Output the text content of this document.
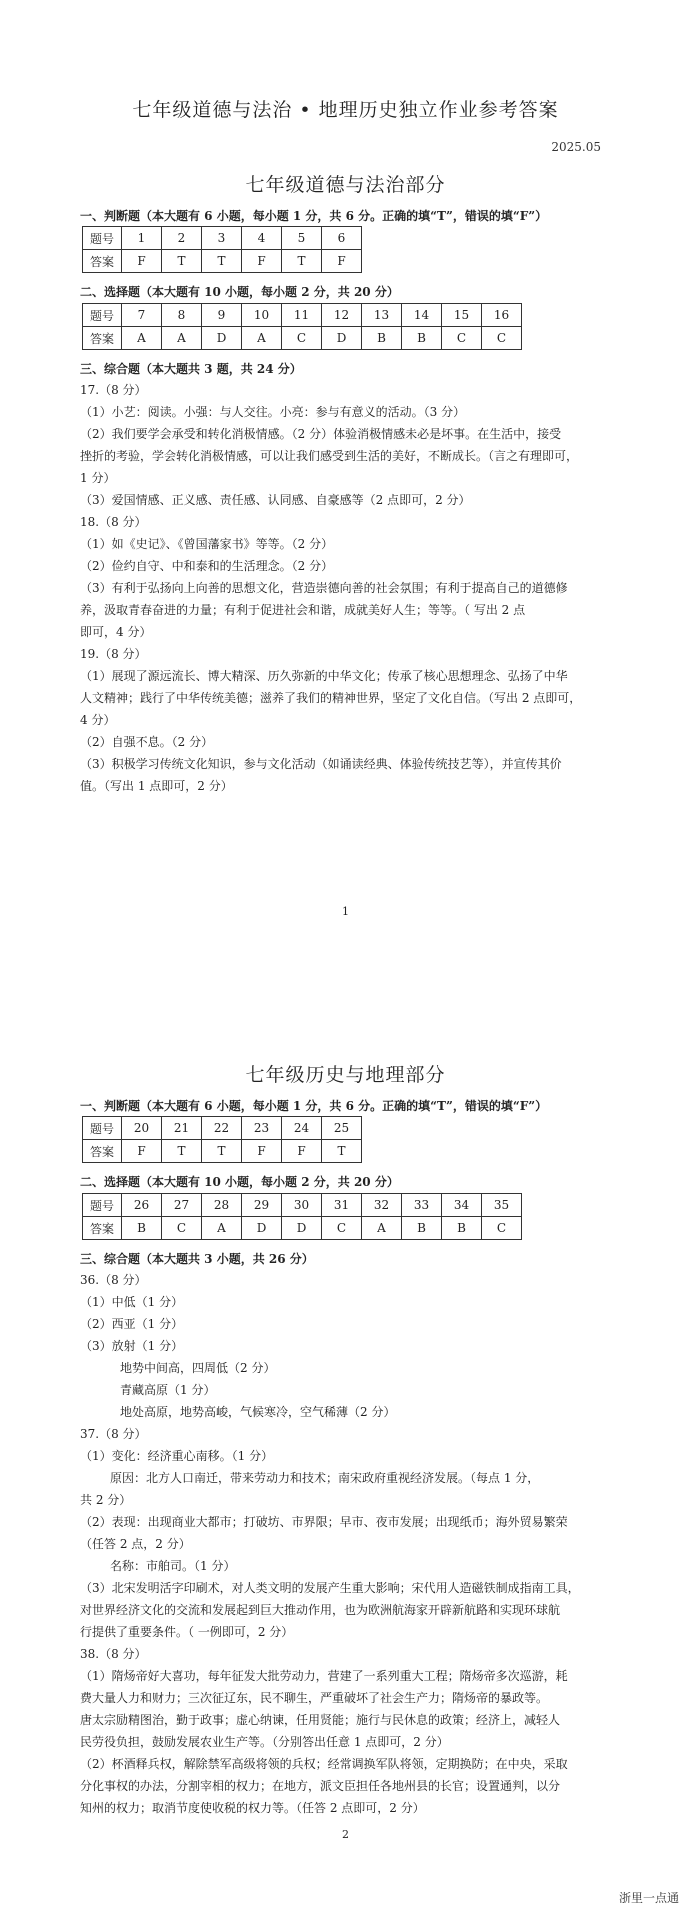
七年级道德与法治 • 地理历史独立作业参考答案
2025.05
七年级道德与法治部分
一、判断题（本大题有 6 小题，每小题 1 分，共 6 分。正确的填“T”，错误的填“F”）
题号	1	2	3	4	5	6
答案	F	T	T	F	T	F
二、选择题（本大题有 10 小题，每小题 2 分，共 20 分）
题号	7	8	9	10	11	12	13	14	15	16
答案	A	A	D	A	C	D	B	B	C	C
三、综合题（本大题共 3 题，共 24 分）
17.（8 分）
（1）小艺：阅读。小强：与人交往。小亮：参与有意义的活动。（3 分）
（2）我们要学会承受和转化消极情感。（2 分）体验消极情感未必是坏事。在生活中，接受
挫折的考验，学会转化消极情感，可以让我们感受到生活的美好，不断成长。（言之有理即可，
1 分）
（3）爱国情感、正义感、责任感、认同感、自豪感等（2 点即可，2 分）
18.（8 分）
（1）如《史记》、《曾国藩家书》等等。（2 分）
（2）俭约自守、中和泰和的生活理念。（2 分）
（3）有利于弘扬向上向善的思想文化，营造崇德向善的社会氛围；有利于提高自己的道德修
养，汲取青春奋进的力量；有利于促进社会和谐，成就美好人生；等等。（ 写出 2 点
即可，4 分）
19.（8 分）
（1）展现了源远流长、博大精深、历久弥新的中华文化；传承了核心思想理念、弘扬了中华
人文精神；践行了中华传统美德；滋养了我们的精神世界，坚定了文化自信。（写出 2 点即可，
4 分）
（2）自强不息。（2 分）
（3）积极学习传统文化知识，参与文化活动（如诵读经典、体验传统技艺等），并宣传其价
值。（写出 1 点即可，2 分）
1
七年级历史与地理部分
一、判断题（本大题有 6 小题，每小题 1 分，共 6 分。正确的填“T”，错误的填“F”）
题号	20	21	22	23	24	25
答案	F	T	T	F	F	T
二、选择题（本大题有 10 小题，每小题 2 分，共 20 分）
题号	26	27	28	29	30	31	32	33	34	35
答案	B	C	A	D	D	C	A	B	B	C
三、综合题（本大题共 3 小题，共 26 分）
36.（8 分）
（1）中低（1 分）
（2）西亚（1 分）
（3）放射（1 分）
地势中间高，四周低（2 分）
青藏高原（1 分）
地处高原，地势高峻，气候寒冷，空气稀薄（2 分）
37.（8 分）
（1）变化：经济重心南移。（1 分）
原因：北方人口南迁，带来劳动力和技术；南宋政府重视经济发展。（每点 1 分，
共 2 分）
（2）表现：出现商业大都市；打破坊、市界限；早市、夜市发展；出现纸币；海外贸易繁荣
（任答 2 点，2 分）
名称：市舶司。（1 分）
（3）北宋发明活字印刷术，对人类文明的发展产生重大影响；宋代用人造磁铁制成指南工具，
对世界经济文化的交流和发展起到巨大推动作用，也为欧洲航海家开辟新航路和实现环球航
行提供了重要条件。（ 一例即可，2 分）
38.（8 分）
（1）隋炀帝好大喜功，每年征发大批劳动力，营建了一系列重大工程；隋炀帝多次巡游，耗
费大量人力和财力；三次征辽东，民不聊生，严重破坏了社会生产力；隋炀帝的暴政等。
唐太宗励精图治，勤于政事；虚心纳谏，任用贤能；施行与民休息的政策；经济上，减轻人
民劳役负担，鼓励发展农业生产等。（分别答出任意 1 点即可，2 分）
（2）杯酒释兵权，解除禁军高级将领的兵权；经常调换军队将领，定期换防；在中央，采取
分化事权的办法，分割宰相的权力；在地方，派文臣担任各地州县的长官；设置通判，以分
知州的权力；取消节度使收税的权力等。（任答 2 点即可，2 分）
2
浙里一点通
